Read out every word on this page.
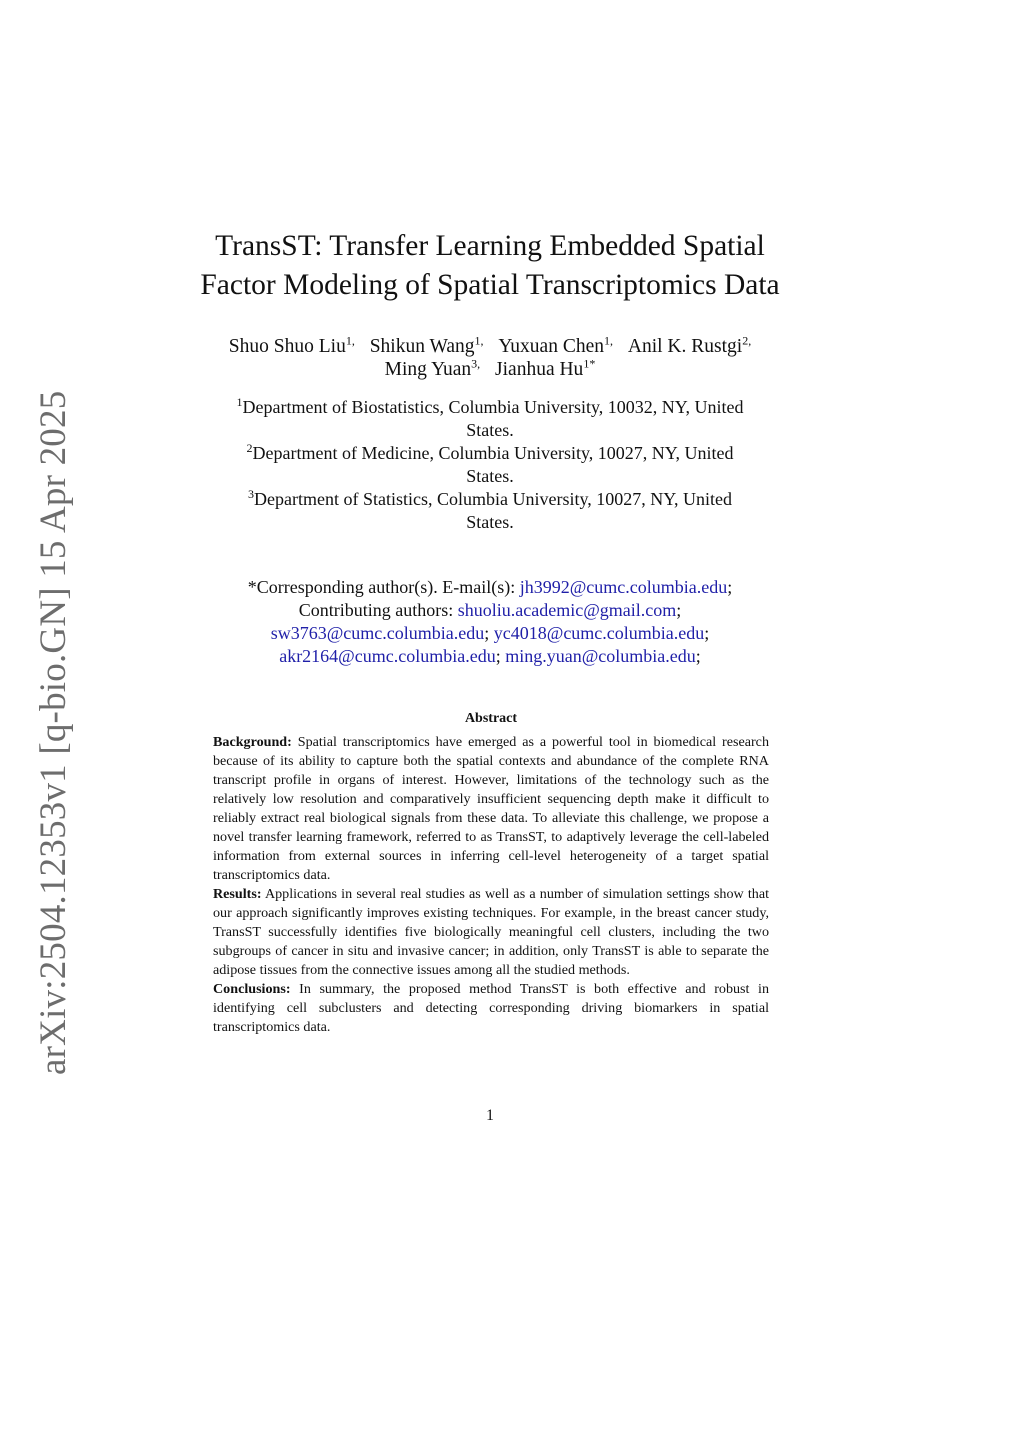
arXiv:2504.12353v1 [q-bio.GN] 15 Apr 2025
TransST: Transfer Learning Embedded Spatial
Factor Modeling of Spatial Transcriptomics Data
Shuo Shuo Liu$^{1,}$ Shikun Wang$^{1,}$ Yuxuan Chen$^{1,}$ Anil K. Rustgi$^{2,}$
Ming Yuan$^{3,}$ Jianhua $Hu^{1*}$
$^1$Department of Biostatistics, Columbia University, 10032, NY, United
States.
$^2$Department of Medicine, Columbia University, 10027, NY, United
States.
$^3$Department of Statistics, Columbia University, 10027, NY, United
States.
*Corresponding author(s). E-mail(s): jh3992@cumc.columbia.edu;
Contributing authors: shuoliu.academic@gmail.com;
sw3763@cumc.columbia.edu; yc4018@cumc.columbia.edu;
akr2164@cumc.columbia.edu; ming.yuan@columbia.edu;
Abstract

Background: Spatial transcriptomics have emerged as a powerful tool in biomedical research because of its ability to capture both the spatial contexts and abundance of the complete RNA transcript profile in organs of interest. However, limitations of the technology such as the relatively low resolution and comparatively insufficient sequencing depth make it difficult to reliably extract real biological signals from these data. To alleviate this challenge, we propose a novel transfer learning framework, referred to as TransST, to adaptively leverage the cell-labeled information from external sources in inferring cell-level heterogeneity of a target spatial transcriptomics data.

Results: Applications in several real studies as well as a number of simulation settings show that our approach significantly improves existing techniques. For example, in the breast cancer study, TransST successfully identifies five biologically meaningful cell clusters, including the two subgroups of cancer in situ and invasive cancer; in addition, only TransST is able to separate the adipose tissues from the connective issues among all the studied methods.

Conclusions: In summary, the proposed method TransST is both effective and robust in identifying cell subclusters and detecting corresponding driving biomarkers in spatial transcriptomics data.

1
